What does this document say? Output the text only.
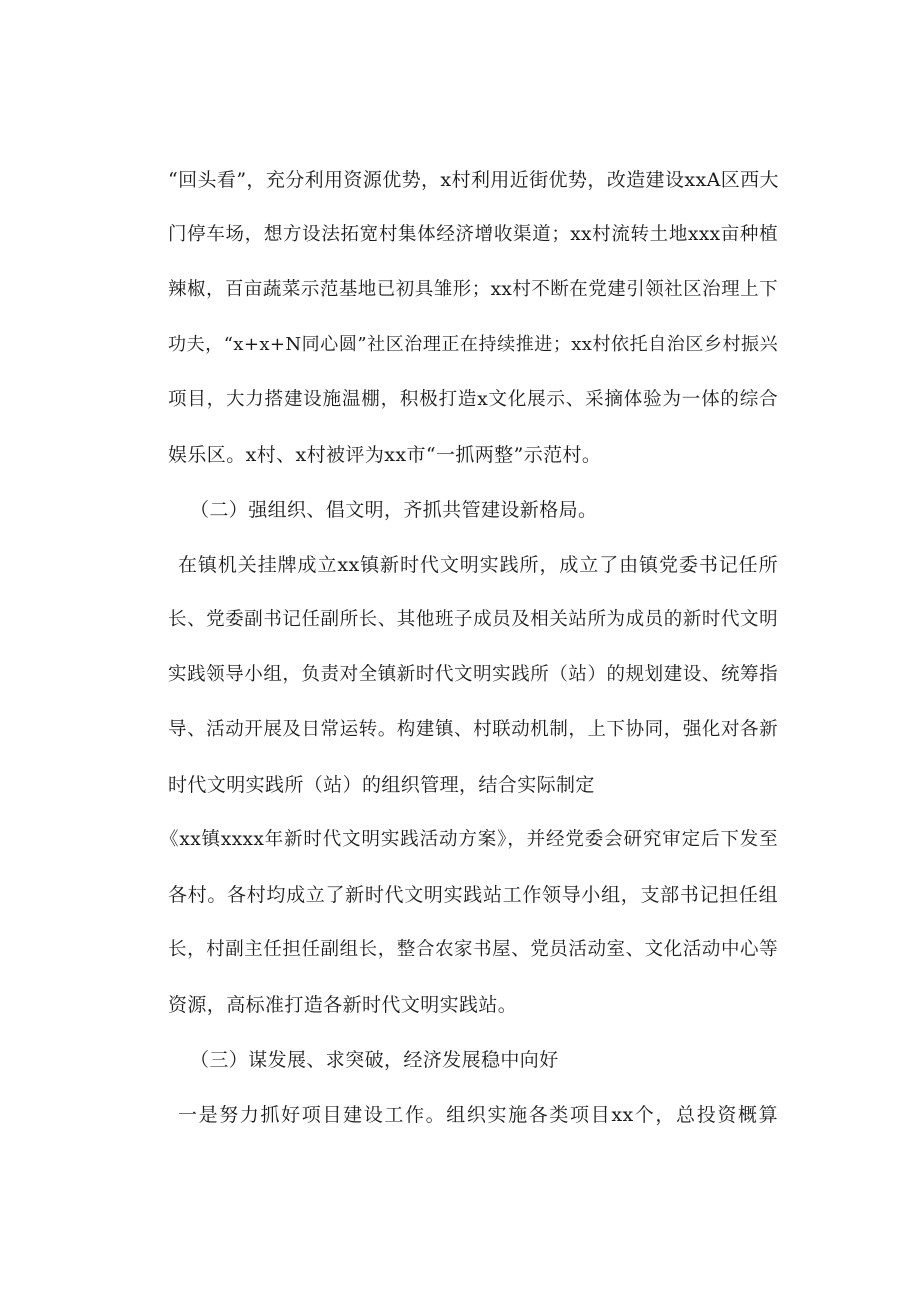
“回头看”，充分利用资源优势，x村利用近街优势，改造建设xxA区西大
门停车场，想方设法拓宽村集体经济增收渠道；xx村流转土地xxx亩种植
辣椒，百亩蔬菜示范基地已初具雏形；xx村不断在党建引领社区治理上下
功夫，“x+x+N同心圆”社区治理正在持续推进；xx村依托自治区乡村振兴
项目，大力搭建设施温棚，积极打造x文化展示、采摘体验为一体的综合
娱乐区。x村、x村被评为xx市“一抓两整”示范村。
（二）强组织、倡文明，齐抓共管建设新格局。
在镇机关挂牌成立xx镇新时代文明实践所，成立了由镇党委书记任所
长、党委副书记任副所长、其他班子成员及相关站所为成员的新时代文明
实践领导小组，负责对全镇新时代文明实践所（站）的规划建设、统筹指
导、活动开展及日常运转。构建镇、村联动机制，上下协同，强化对各新
时代文明实践所（站）的组织管理，结合实际制定
《xx镇xxxx年新时代文明实践活动方案》，并经党委会研究审定后下发至
各村。各村均成立了新时代文明实践站工作领导小组，支部书记担任组
长，村副主任担任副组长，整合农家书屋、党员活动室、文化活动中心等
资源，高标准打造各新时代文明实践站。
（三）谋发展、求突破，经济发展稳中向好
一是努力抓好项目建设工作。组织实施各类项目xx个，总投资概算
